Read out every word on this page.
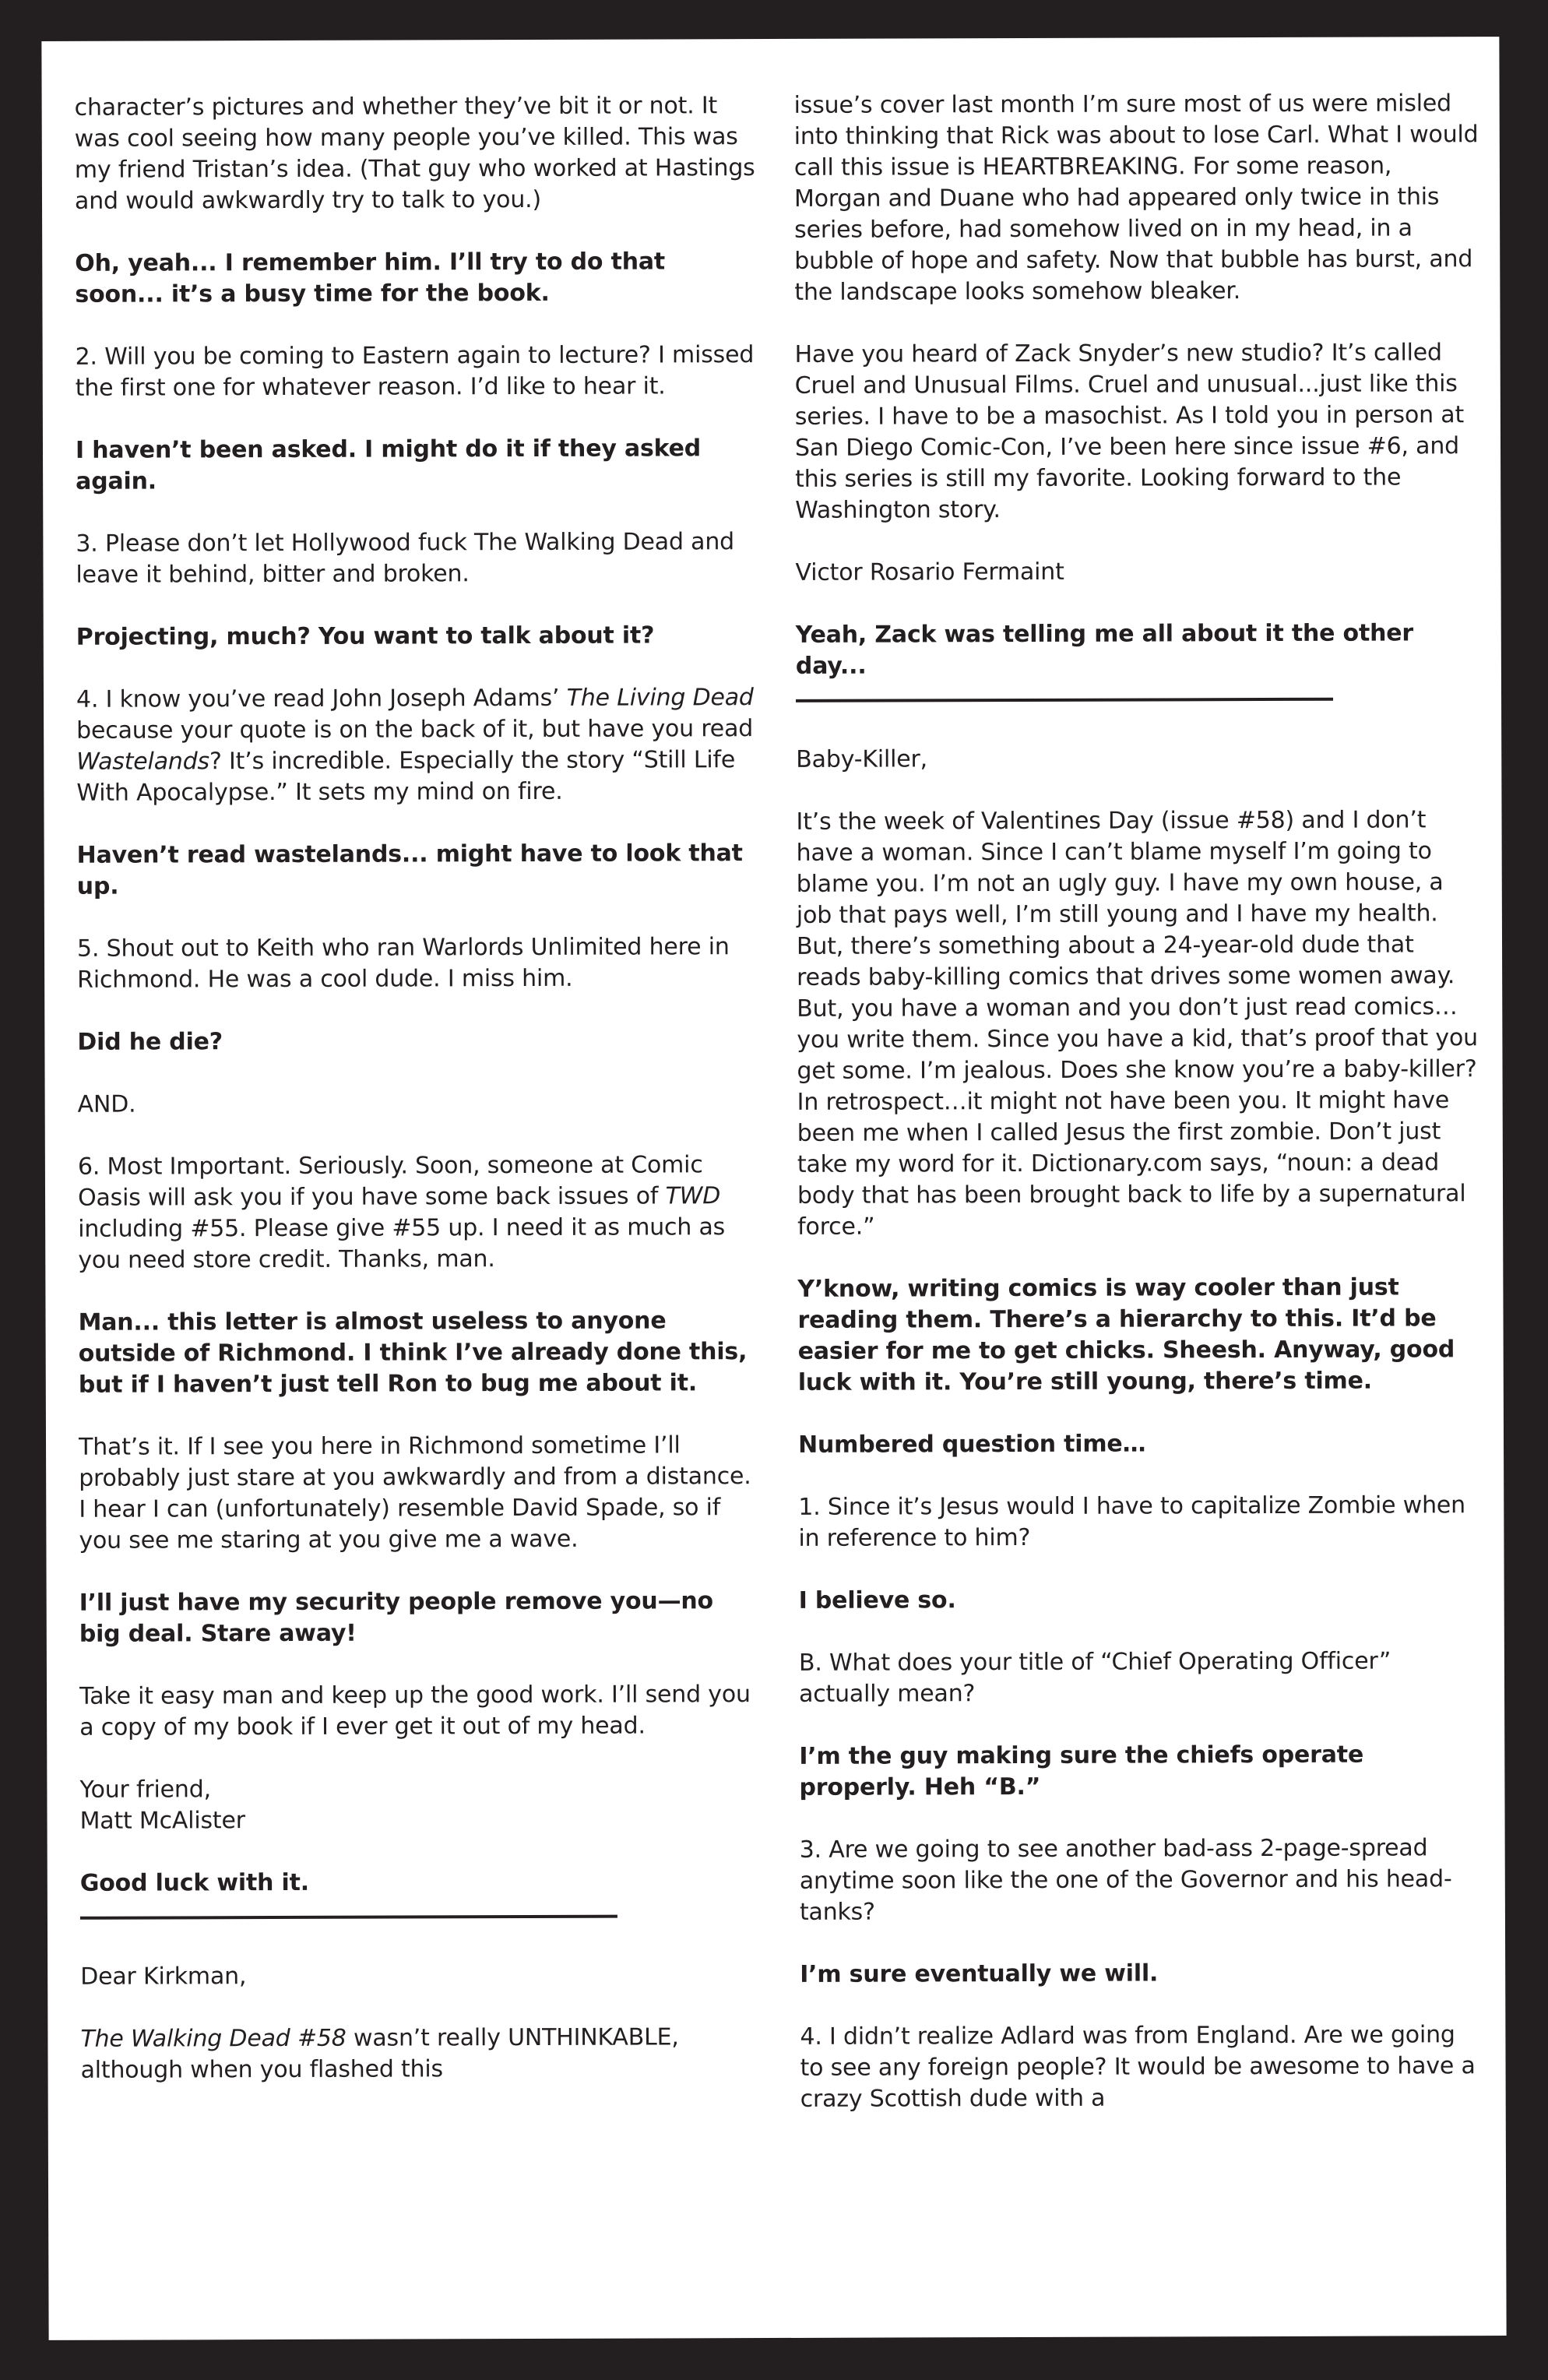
character’s pictures and whether they’ve bit it or not. It was cool seeing how many people you’ve killed. This was my friend Tristan’s idea. (That guy who worked at Hastings and would awkwardly try to talk to you.)

Oh, yeah... I remember him. I’ll try to do that soon... it’s a busy time for the book.

2. Will you be coming to Eastern again to lecture? I missed the first one for whatever reason. I’d like to hear it.

I haven’t been asked. I might do it if they asked again.

3. Please don’t let Hollywood fuck The Walking Dead and leave it behind, bitter and broken.

Projecting, much? You want to talk about it?

4. I know you’ve read John Joseph Adams’ The Living Dead because your quote is on the back of it, but have you read Wastelands? It’s incredible. Especially the story “Still Life With Apocalypse.” It sets my mind on fire.

Haven’t read wastelands... might have to look that up.

5. Shout out to Keith who ran Warlords Unlimited here in Richmond. He was a cool dude. I miss him.

Did he die?

AND.

6. Most Important. Seriously. Soon, someone at Comic Oasis will ask you if you have some back issues of TWD including #55. Please give #55 up. I need it as much as you need store credit. Thanks, man.

Man... this letter is almost useless to anyone outside of Richmond. I think I’ve already done this, but if I haven’t just tell Ron to bug me about it.

That’s it. If I see you here in Richmond sometime I’ll probably just stare at you awkwardly and from a distance. I hear I can (unfortunately) resemble David Spade, so if you see me staring at you give me a wave.

I’ll just have my security people remove you—no big deal. Stare away!

Take it easy man and keep up the good work. I’ll send you a copy of my book if I ever get it out of my head.

Your friend,

Matt McAlister

Good luck with it.

Dear Kirkman,

The Walking Dead #58 wasn’t really UNTHINKABLE, although when you flashed this

issue’s cover last month I’m sure most of us were misled into thinking that Rick was about to lose Carl. What I would call this issue is HEARTBREAKING. For some reason, Morgan and Duane who had appeared only twice in this series before, had somehow lived on in my head, in a bubble of hope and safety. Now that bubble has burst, and the landscape looks somehow bleaker.

Have you heard of Zack Snyder’s new studio? It’s called Cruel and Unusual Films. Cruel and unusual...just like this series. I have to be a masochist. As I told you in person at San Diego Comic-Con, I’ve been here since issue #6, and this series is still my favorite. Looking forward to the Washington story.

Victor Rosario Fermaint

Yeah, Zack was telling me all about it the other day...

Baby-Killer,

It’s the week of Valentines Day (issue #58) and I don’t have a woman. Since I can’t blame myself I’m going to blame you. I’m not an ugly guy. I have my own house, a job that pays well, I’m still young and I have my health. But, there’s something about a 24-year-old dude that reads baby-killing comics that drives some women away. But, you have a woman and you don’t just read comics…you write them. Since you have a kid, that’s proof that you get some. I’m jealous. Does she know you’re a baby-killer? In retrospect…it might not have been you. It might have been me when I called Jesus the first zombie. Don’t just take my word for it. Dictionary.com says, “noun: a dead body that has been brought back to life by a supernatural force.”

Y’know, writing comics is way cooler than just reading them. There’s a hierarchy to this. It’d be easier for me to get chicks. Sheesh. Anyway, good luck with it. You’re still young, there’s time.

Numbered question time…

1. Since it’s Jesus would I have to capitalize Zombie when in reference to him?

I believe so.

B. What does your title of “Chief Operating Officer” actually mean?

I’m the guy making sure the chiefs operate properly. Heh “B.”

3. Are we going to see another bad-ass 2-page-spread anytime soon like the one of the Governor and his head-tanks?

I’m sure eventually we will.

4. I didn’t realize Adlard was from England. Are we going to see any foreign people? It would be awesome to have a crazy Scottish dude with a
